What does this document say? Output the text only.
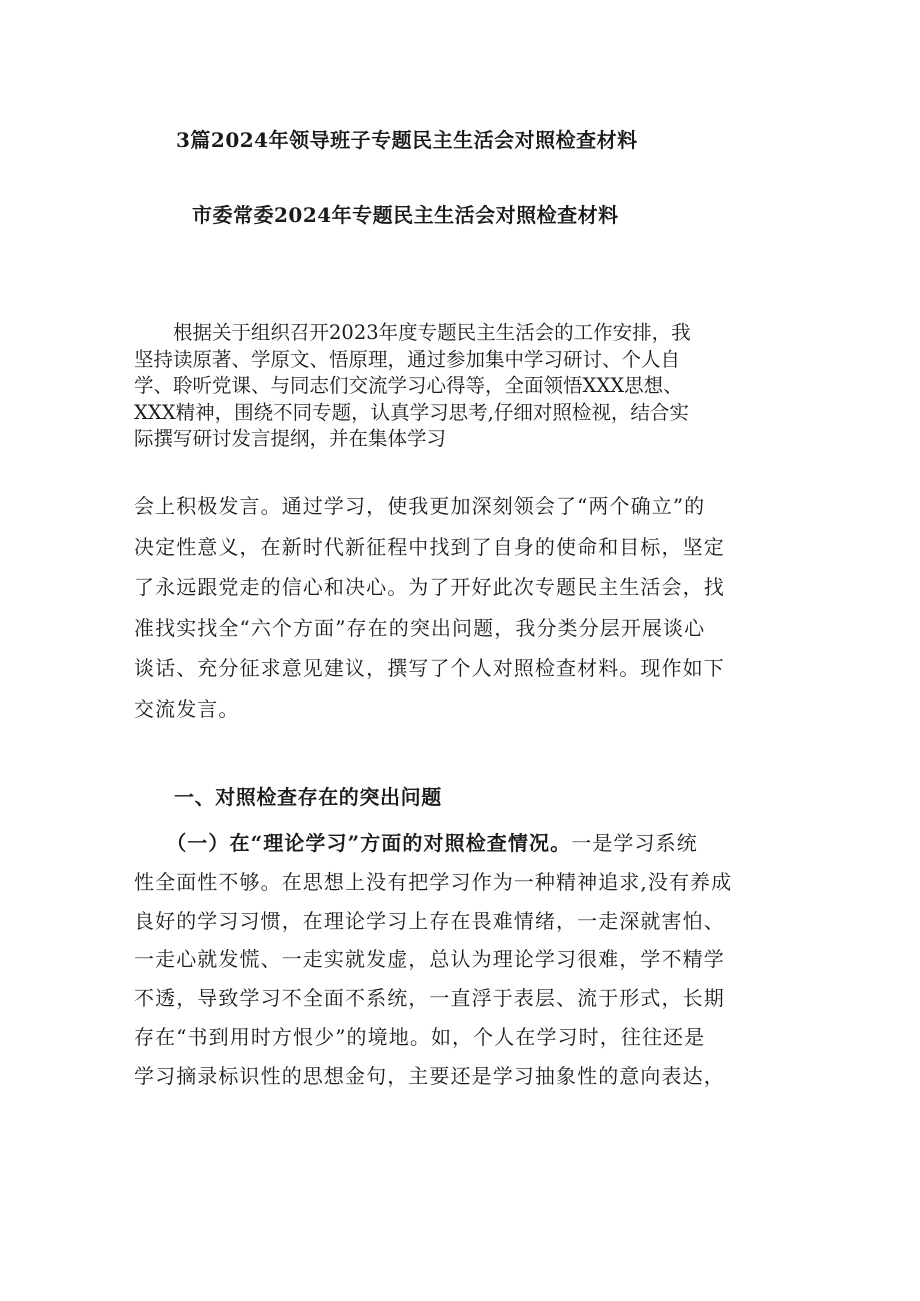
3篇2024年领导班子专题民主生活会对照检查材料
市委常委2024年专题民主生活会对照检查材料
　　根据关于组织召开2023年度专题民主生活会的工作安排，我
坚持读原著、学原文、悟原理，通过参加集中学习研讨、个人自
学、聆听党课、与同志们交流学习心得等，全面领悟XXX思想、
XXX精神，围绕不同专题，认真学习思考,仔细对照检视，结合实
际撰写研讨发言提纲，并在集体学习
会上积极发言。通过学习，使我更加深刻领会了“两个确立”的
决定性意义，在新时代新征程中找到了自身的使命和目标，坚定
了永远跟党走的信心和决心。为了开好此次专题民主生活会，找
准找实找全“六个方面”存在的突出问题，我分类分层开展谈心
谈话、充分征求意见建议，撰写了个人对照检查材料。现作如下
交流发言。
一、对照检查存在的突出问题
　　（一）在“理论学习”方面的对照检查情况。一是学习系统
性全面性不够。在思想上没有把学习作为一种精神追求,没有养成
良好的学习习惯，在理论学习上存在畏难情绪，一走深就害怕、
一走心就发慌、一走实就发虚，总认为理论学习很难，学不精学
不透，导致学习不全面不系统，一直浮于表层、流于形式，长期
存在“书到用时方恨少”的境地。如，个人在学习时，往往还是
学习摘录标识性的思想金句，主要还是学习抽象性的意向表达，
